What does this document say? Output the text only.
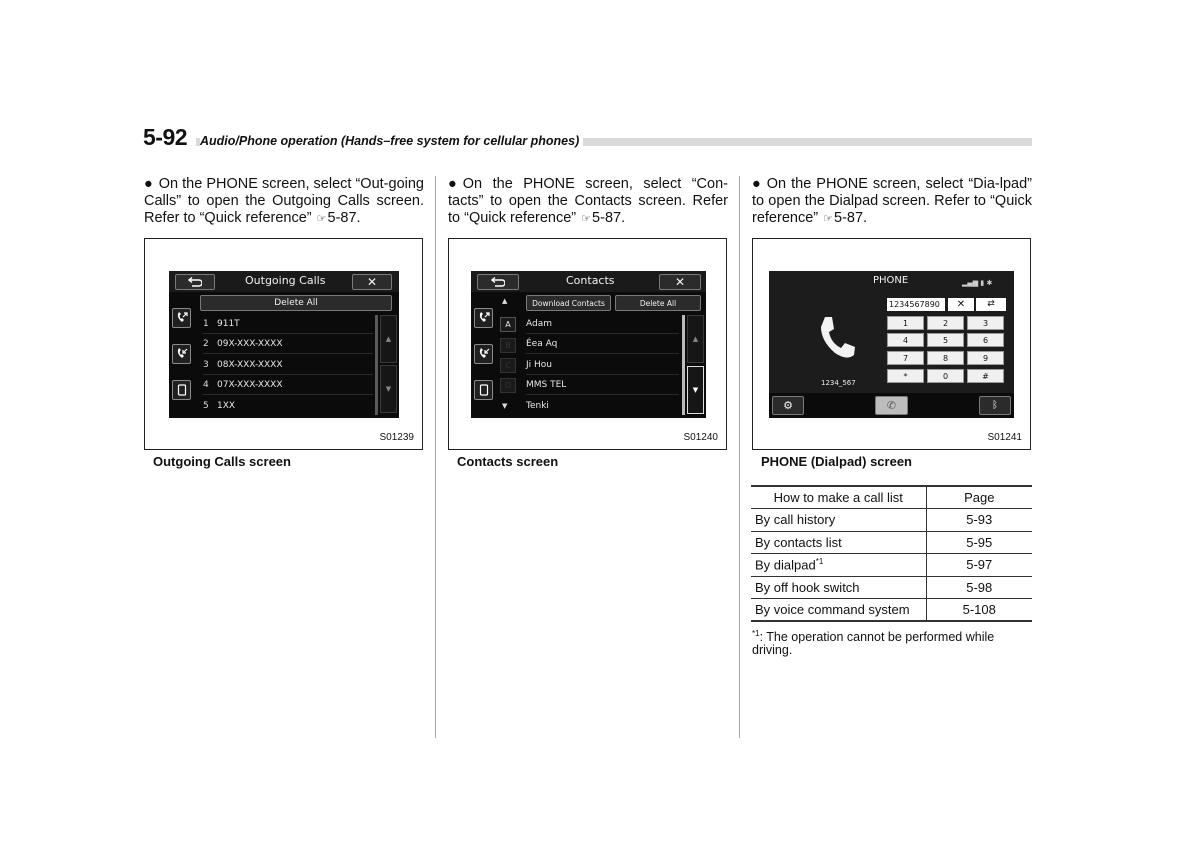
5-92 Audio/Phone operation (Hands–free system for cellular phones)
● On the PHONE screen, select “Out-going Calls” to open the Outgoing Calls screen. Refer to “Quick reference” ☞5-87.
Outgoing Calls	✕
Delete All
1 911T
2 09X-XXX-XXXX
3 08X-XXX-XXXX
4 07X-XXX-XXXX
5 1XX
▲
▼
S01239
Outgoing Calls screen
● On the PHONE screen, select “Con-tacts” to open the Contacts screen. Refer to “Quick reference” ☞5-87.
Contacts	✕
Download Contacts	Delete All
▲
A
B
C
D
▼
Adam
Éea Aq
Ji Hou
MMS TEL
Tenki
▲
▼
S01240
Contacts screen
● On the PHONE screen, select “Dia-lpad” to open the Dialpad screen. Refer to “Quick reference” ☞5-87.
PHONE	▂▄▆ ▮ ✱
1234567890	✕	⇄
1	2	3
4	5	6
7	8	9
*	0	#
1234_567
⚙	✆	ᛒ
S01241
PHONE (Dialpad) screen
How to make a call list	Page
By call history	5-93
By contacts list	5-95
By dialpad$^{*1}$	5-97
By off hook switch	5-98
By voice command system	5-108
$^{*1}$: The operation cannot be performed while driving.
